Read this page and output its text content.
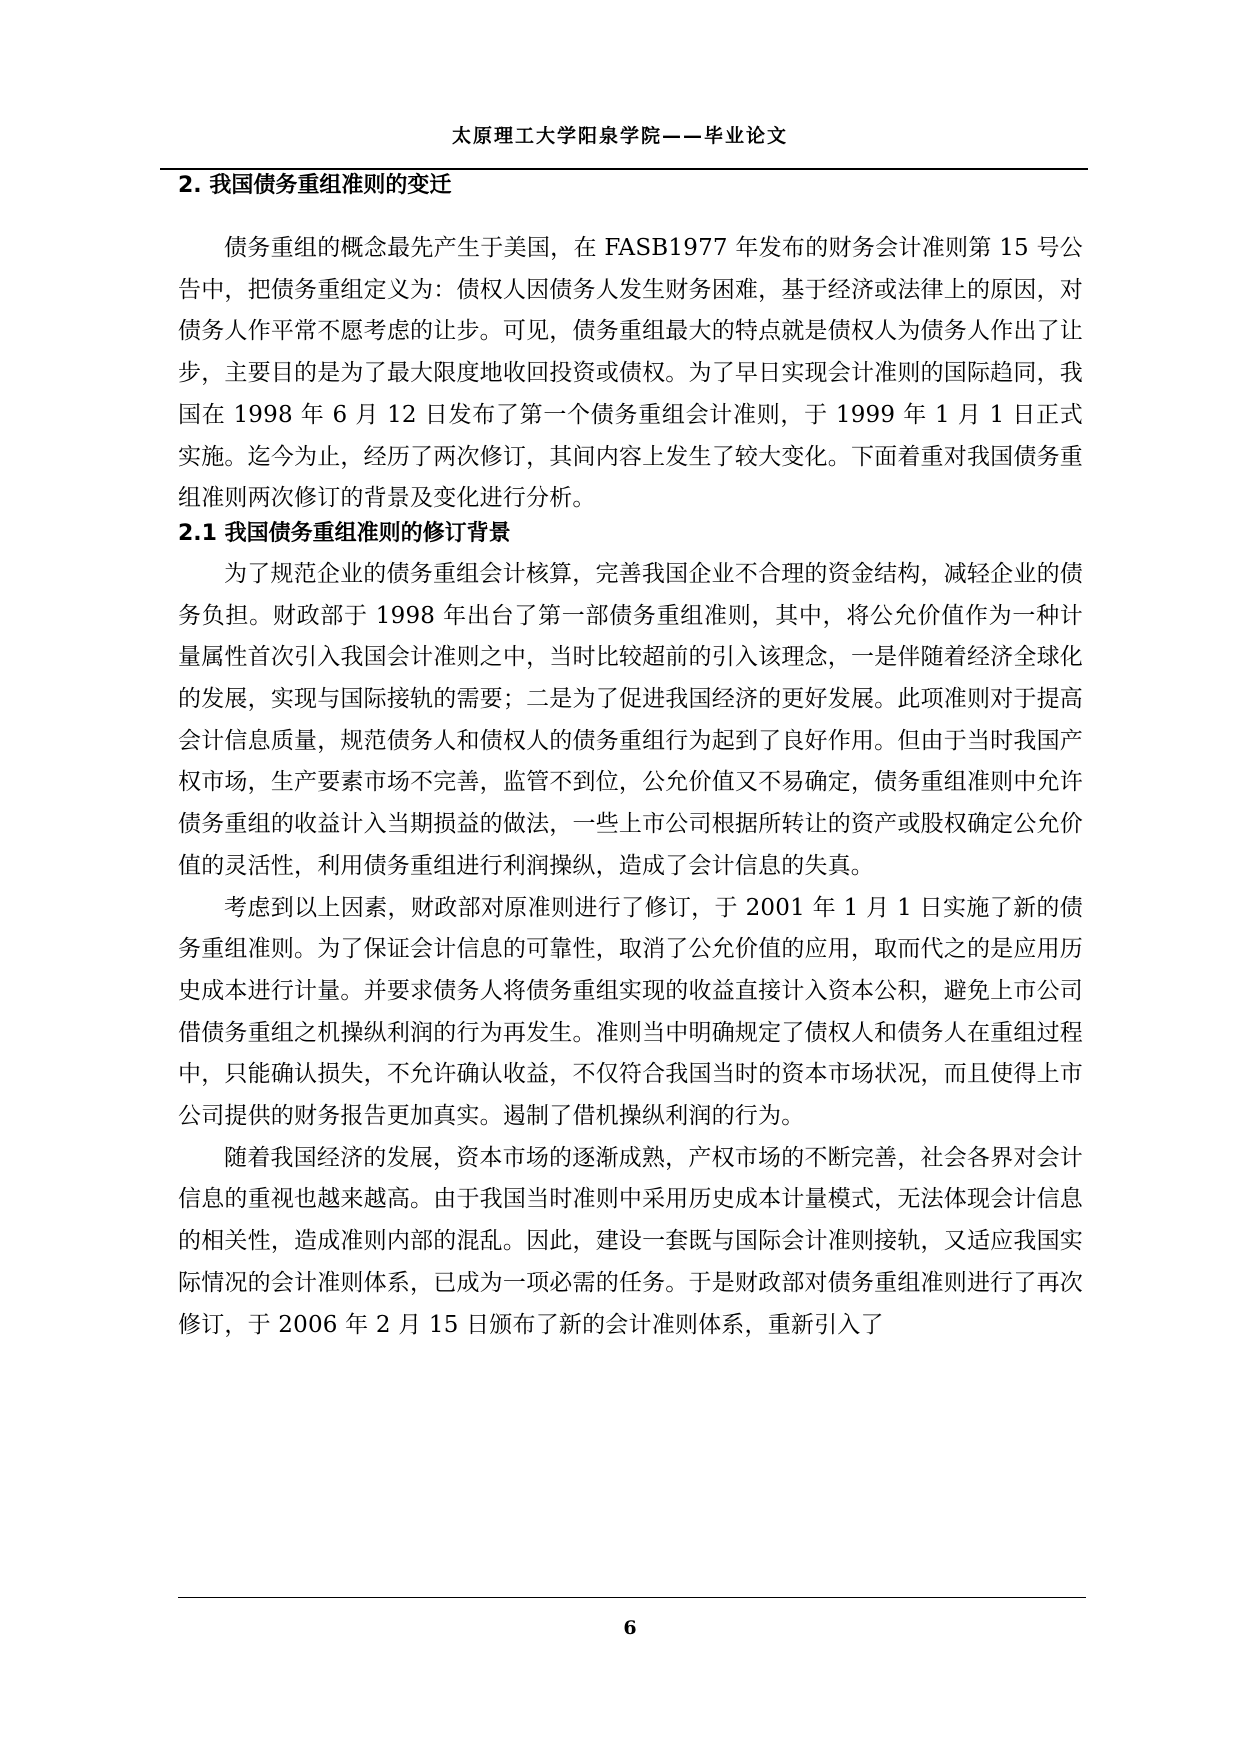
太原理工大学阳泉学院——毕业论文
2. 我国债务重组准则的变迁

债务重组的概念最先产生于美国，在 FASB1977 年发布的财务会计准则第 15 号公告中，把债务重组定义为：债权人因债务人发生财务困难，基于经济或法律上的原因，对债务人作平常不愿考虑的让步。可见，债务重组最大的特点就是债权人为债务人作出了让步，主要目的是为了最大限度地收回投资或债权。为了早日实现会计准则的国际趋同，我国在 1998 年 6 月 12 日发布了第一个债务重组会计准则，于 1999 年 1 月 1 日正式实施。迄今为止，经历了两次修订，其间内容上发生了较大变化。下面着重对我国债务重组准则两次修订的背景及变化进行分析。

2.1 我国债务重组准则的修订背景

为了规范企业的债务重组会计核算，完善我国企业不合理的资金结构，减轻企业的债务负担。财政部于 1998 年出台了第一部债务重组准则，其中，将公允价值作为一种计量属性首次引入我国会计准则之中，当时比较超前的引入该理念，一是伴随着经济全球化的发展，实现与国际接轨的需要；二是为了促进我国经济的更好发展。此项准则对于提高会计信息质量，规范债务人和债权人的债务重组行为起到了良好作用。但由于当时我国产权市场，生产要素市场不完善，监管不到位，公允价值又不易确定，债务重组准则中允许债务重组的收益计入当期损益的做法，一些上市公司根据所转让的资产或股权确定公允价值的灵活性，利用债务重组进行利润操纵，造成了会计信息的失真。

考虑到以上因素，财政部对原准则进行了修订，于 2001 年 1 月 1 日实施了新的债务重组准则。为了保证会计信息的可靠性，取消了公允价值的应用，取而代之的是应用历史成本进行计量。并要求债务人将债务重组实现的收益直接计入资本公积，避免上市公司借债务重组之机操纵利润的行为再发生。准则当中明确规定了债权人和债务人在重组过程中，只能确认损失，不允许确认收益，不仅符合我国当时的资本市场状况，而且使得上市公司提供的财务报告更加真实。遏制了借机操纵利润的行为。

随着我国经济的发展，资本市场的逐渐成熟，产权市场的不断完善，社会各界对会计信息的重视也越来越高。由于我国当时准则中采用历史成本计量模式，无法体现会计信息的相关性，造成准则内部的混乱。因此，建设一套既与国际会计准则接轨，又适应我国实际情况的会计准则体系，已成为一项必需的任务。于是财政部对债务重组准则进行了再次修订，于 2006 年 2 月 15 日颁布了新的会计准则体系，重新引入了

6
